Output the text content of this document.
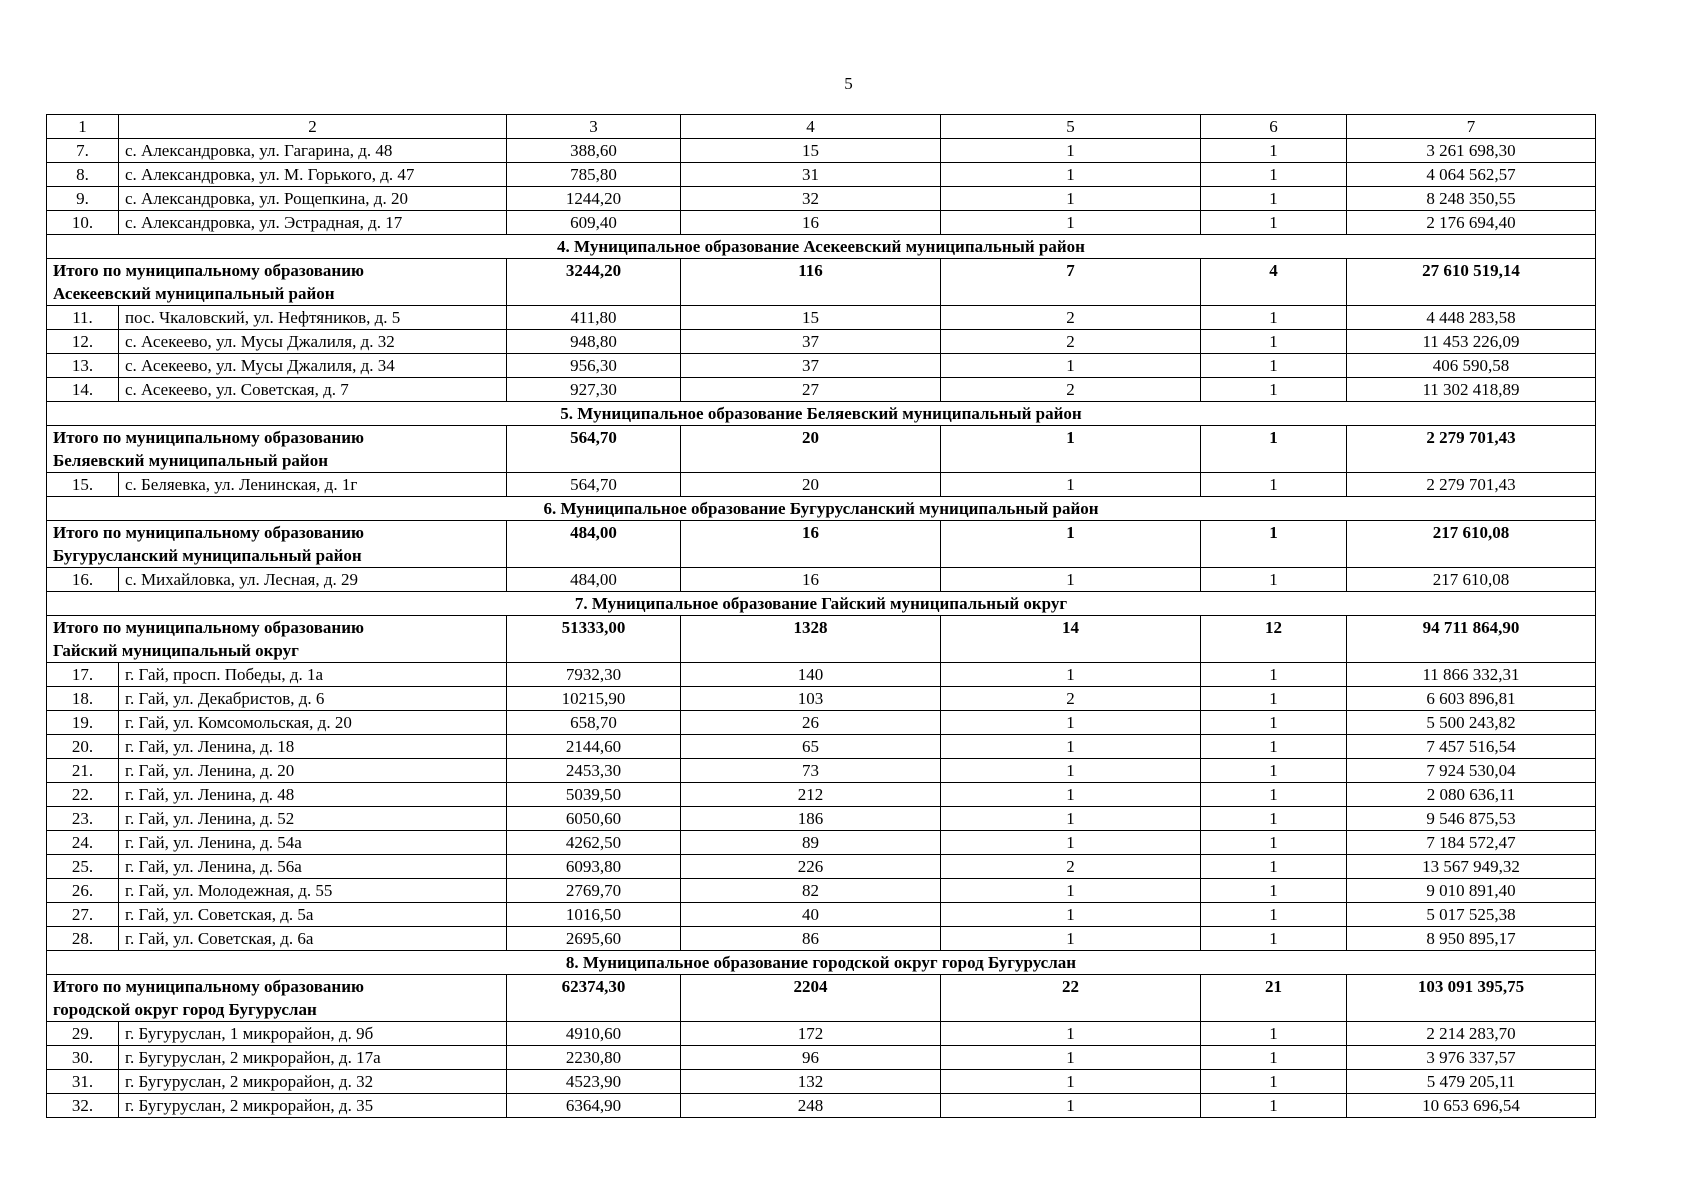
5
1	2	3	4	5	6	7
7.	с. Александровка, ул. Гагарина, д. 48	388,60	15	1	1	3 261 698,30
8.	с. Александровка, ул. М. Горького, д. 47	785,80	31	1	1	4 064 562,57
9.	с. Александровка, ул. Рощепкина, д. 20	1244,20	32	1	1	8 248 350,55
10.	с. Александровка, ул. Эстрадная, д. 17	609,40	16	1	1	2 176 694,40
4. Муниципальное образование Асекеевский муниципальный район						
Итого по муниципальному образованию
Асекеевский муниципальный район		3244,20	116	7	4	27 610 519,14
11.	пос. Чкаловский, ул. Нефтяников, д. 5	411,80	15	2	1	4 448 283,58
12.	с. Асекеево, ул. Мусы Джалиля, д. 32	948,80	37	2	1	11 453 226,09
13.	с. Асекеево, ул. Мусы Джалиля, д. 34	956,30	37	1	1	406 590,58
14.	с. Асекеево, ул. Советская, д. 7	927,30	27	2	1	11 302 418,89
5. Муниципальное образование Беляевский муниципальный район						
Итого по муниципальному образованию
Беляевский муниципальный район		564,70	20	1	1	2 279 701,43
15.	с. Беляевка, ул. Ленинская, д. 1г	564,70	20	1	1	2 279 701,43
6. Муниципальное образование Бугурусланский муниципальный район						
Итого по муниципальному образованию
Бугурусланский муниципальный район		484,00	16	1	1	217 610,08
16.	с. Михайловка, ул. Лесная, д. 29	484,00	16	1	1	217 610,08
7. Муниципальное образование Гайский муниципальный округ						
Итого по муниципальному образованию
Гайский муниципальный округ		51333,00	1328	14	12	94 711 864,90
17.	г. Гай, просп. Победы, д. 1а	7932,30	140	1	1	11 866 332,31
18.	г. Гай, ул. Декабристов, д. 6	10215,90	103	2	1	6 603 896,81
19.	г. Гай, ул. Комсомольская, д. 20	658,70	26	1	1	5 500 243,82
20.	г. Гай, ул. Ленина, д. 18	2144,60	65	1	1	7 457 516,54
21.	г. Гай, ул. Ленина, д. 20	2453,30	73	1	1	7 924 530,04
22.	г. Гай, ул. Ленина, д. 48	5039,50	212	1	1	2 080 636,11
23.	г. Гай, ул. Ленина, д. 52	6050,60	186	1	1	9 546 875,53
24.	г. Гай, ул. Ленина, д. 54а	4262,50	89	1	1	7 184 572,47
25.	г. Гай, ул. Ленина, д. 56а	6093,80	226	2	1	13 567 949,32
26.	г. Гай, ул. Молодежная, д. 55	2769,70	82	1	1	9 010 891,40
27.	г. Гай, ул. Советская, д. 5а	1016,50	40	1	1	5 017 525,38
28.	г. Гай, ул. Советская, д. 6а	2695,60	86	1	1	8 950 895,17
8. Муниципальное образование городской округ город Бугуруслан						
Итого по муниципальному образованию
городской округ город Бугуруслан		62374,30	2204	22	21	103 091 395,75
29.	г. Бугуруслан, 1 микрорайон, д. 9б	4910,60	172	1	1	2 214 283,70
30.	г. Бугуруслан, 2 микрорайон, д. 17а	2230,80	96	1	1	3 976 337,57
31.	г. Бугуруслан, 2 микрорайон, д. 32	4523,90	132	1	1	5 479 205,11
32.	г. Бугуруслан, 2 микрорайон, д. 35	6364,90	248	1	1	10 653 696,54
